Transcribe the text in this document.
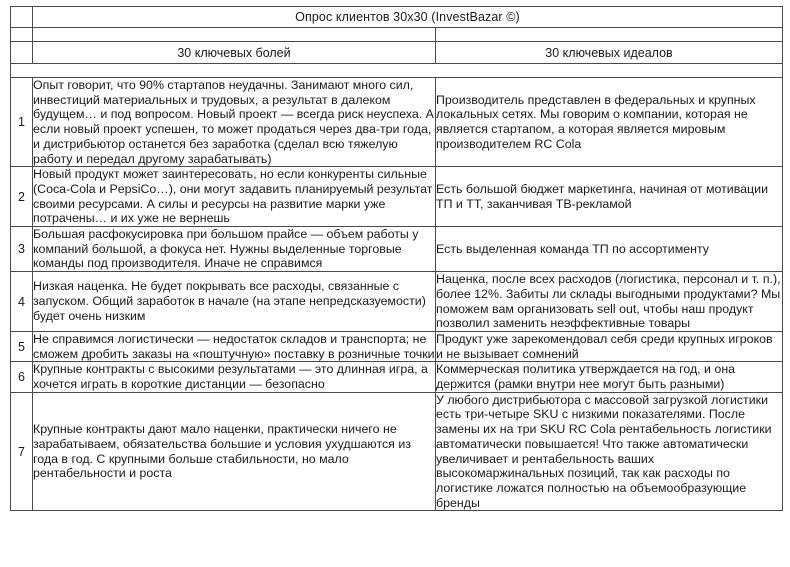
	Опрос клиентов 30x30 (InvestBazar ©)	

	30 ключевых болей	30 ключевых идеалов

1	Опыт говорит, что 90% стартапов неудачны. Занимают много сил, инвестиций материальных и трудовых, а результат в далеком будущем… и под вопросом. Новый проект — всегда риск неуспеха. А если новый проект успешен, то может продаться через два-три года, и дистрибьютор останется без заработка (сделал всю тяжелую работу и передал другому зарабатывать)	Производитель представлен в федеральных и крупных локальных сетях. Мы говорим о компании, которая не является стартапом, а которая является мировым производителем RC Cola
2	Новый продукт может заинтересовать, но если конкуренты сильные (Coca-Cola и PepsiCo…), они могут задавить планируемый результат своими ресурсами. А силы и ресурсы на развитие марки уже потрачены… и их уже не вернешь	Есть большой бюджет маркетинга, начиная от мотивации ТП и ТТ, заканчивая ТВ-рекламой
3	Большая расфокусировка при большом прайсе — объем работы у компаний большой, а фокуса нет. Нужны выделенные торговые команды под производителя. Иначе не справимся	Есть выделенная команда ТП по ассортименту
4	Низкая наценка. Не будет покрывать все расходы, связанные с запуском. Общий заработок в начале (на этапе непредсказуемости) будет очень низким	Наценка, после всех расходов (логистика, персонал и т. п.), более 12%. Забиты ли склады выгодными продуктами? Мы поможем вам организовать sell out, чтобы наш продукт позволил заменить неэффективные товары
5	Не справимся логистически — недостаток складов и транспорта; не сможем дробить заказы на «поштучную» поставку в розничные точки	Продукт уже зарекомендовал себя среди крупных игроков и не вызывает сомнений
6	Крупные контракты с высокими результатами — это длинная игра, а хочется играть в короткие дистанции — безопасно	Коммерческая политика утверждается на год, и она держится (рамки внутри нее могут быть разными)
7	Крупные контракты дают мало наценки, практически ничего не зарабатываем, обязательства большие и условия ухудшаются из года в год. С крупными больше стабильности, но мало рентабельности и роста	У любого дистрибьютора с массовой загрузкой логистики есть три-четыре SKU с низкими показателями. После замены их на три SKU RC Cola рентабельность логистики автоматически повышается! Что также автоматически увеличивает и рентабельность ваших высокомаржинальных позиций, так как расходы по логистике ложатся полностью на объемообразующие бренды
